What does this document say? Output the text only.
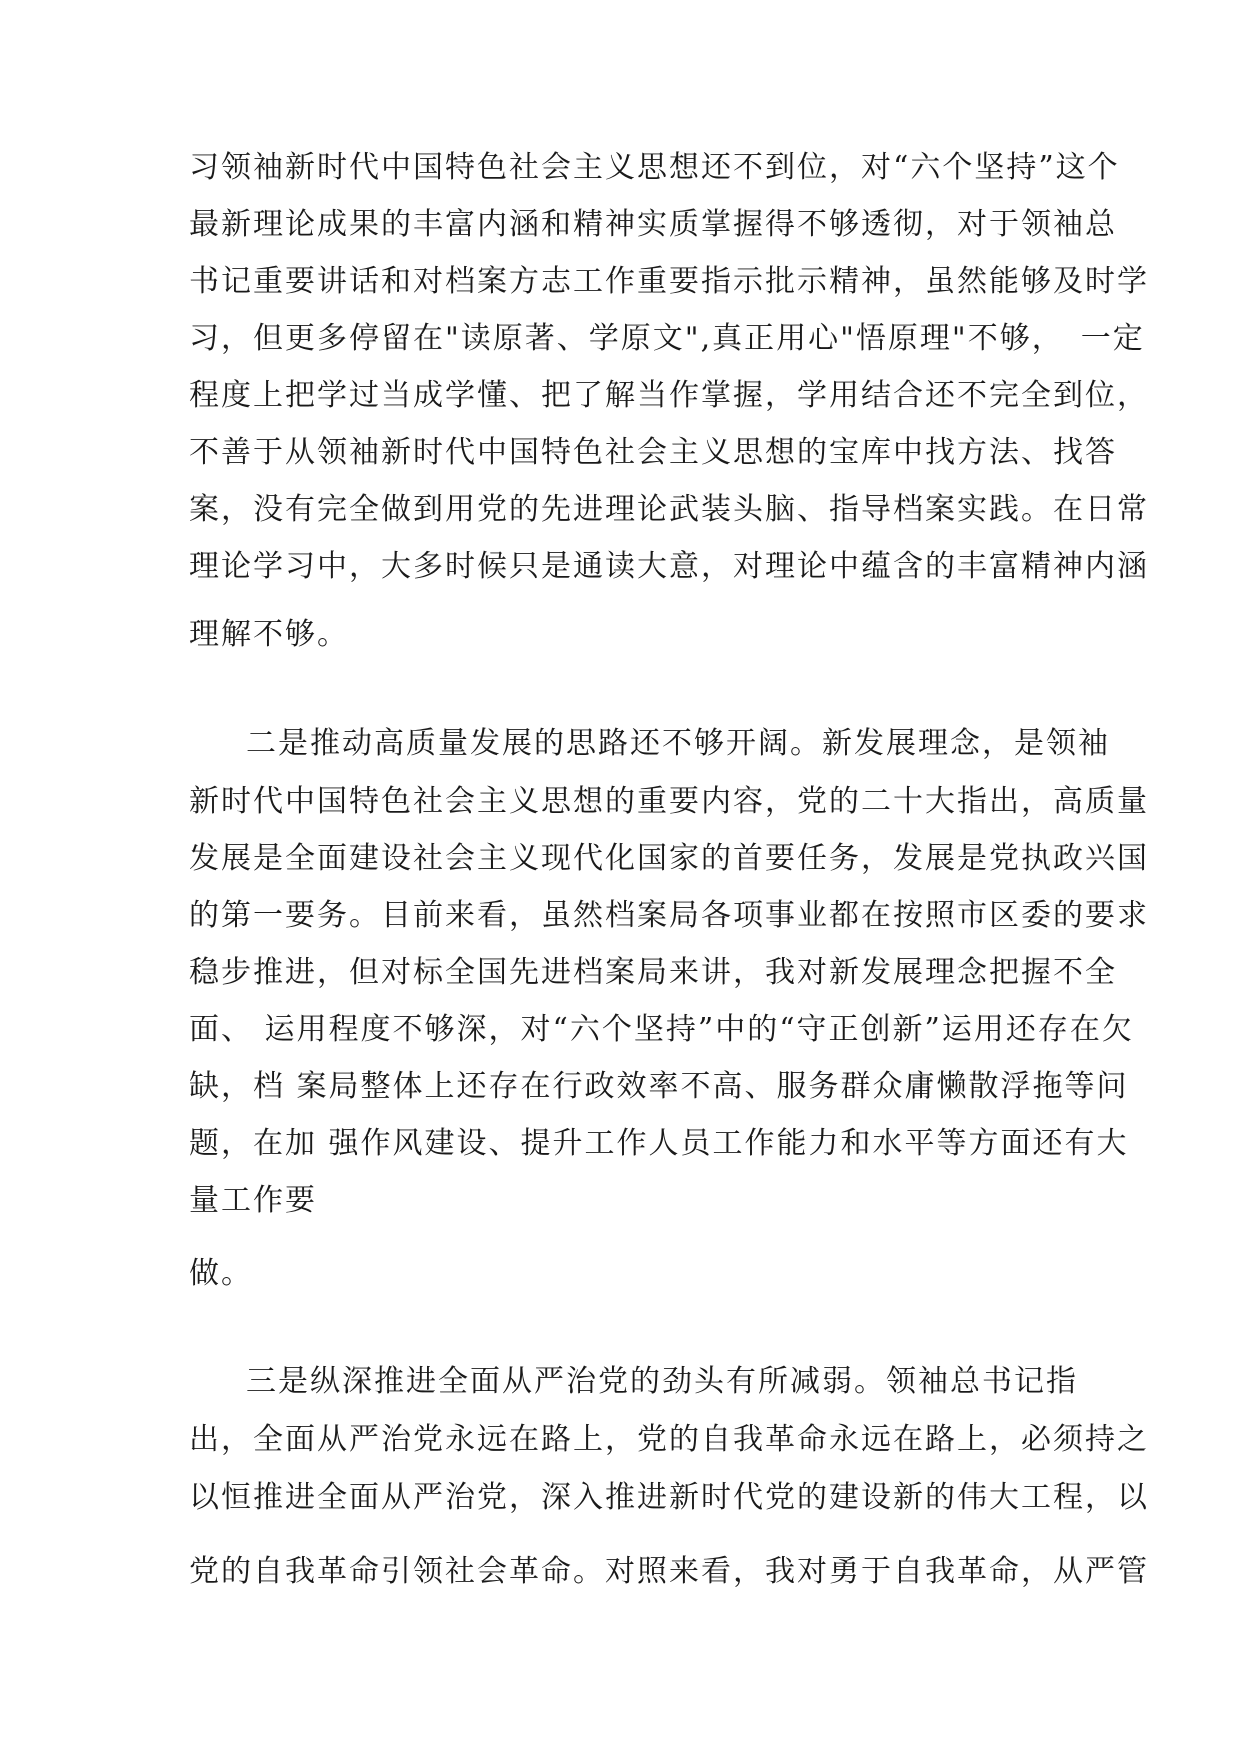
习领袖新时代中国特色社会主义思想还不到位，对“六个坚持”这个
最新理论成果的丰富内涵和精神实质掌握得不够透彻，对于领袖总
书记重要讲话和对档案方志工作重要指示批示精神，虽然能够及时学
习，但更多停留在"读原著、学原文",真正用心"悟原理"不够，　一定
程度上把学过当成学懂、把了解当作掌握，学用结合还不完全到位，
不善于从领袖新时代中国特色社会主义思想的宝库中找方法、找答
案，没有完全做到用党的先进理论武装头脑、指导档案实践。在日常
理论学习中，大多时候只是通读大意，对理论中蕴含的丰富精神内涵
理解不够。
二是推动高质量发展的思路还不够开阔。新发展理念，是领袖
新时代中国特色社会主义思想的重要内容，党的二十大指出，高质量
发展是全面建设社会主义现代化国家的首要任务，发展是党执政兴国
的第一要务。目前来看，虽然档案局各项事业都在按照市区委的要求
稳步推进，但对标全国先进档案局来讲，我对新发展理念把握不全
面、 运用程度不够深，对“六个坚持”中的“守正创新”运用还存在欠
缺，档 案局整体上还存在行政效率不高、服务群众庸懒散浮拖等问
题，在加 强作风建设、提升工作人员工作能力和水平等方面还有大
量工作要
做。
三是纵深推进全面从严治党的劲头有所减弱。领袖总书记指
出，全面从严治党永远在路上，党的自我革命永远在路上，必须持之
以恒推进全面从严治党，深入推进新时代党的建设新的伟大工程，以
党的自我革命引领社会革命。对照来看，我对勇于自我革命，从严管
